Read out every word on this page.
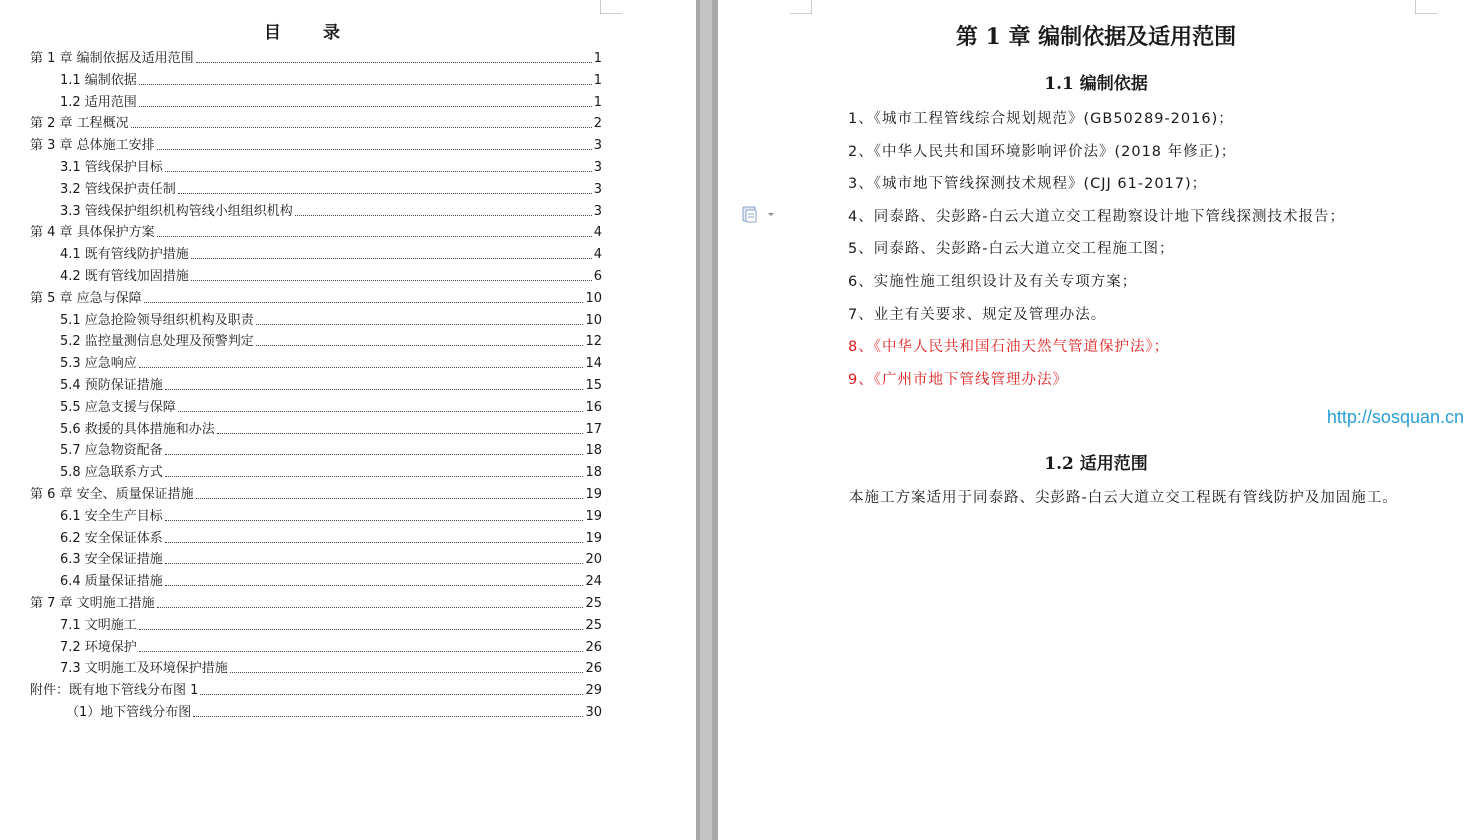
目 录
第 1 章 编制依据及适用范围	1
1.1 编制依据	1
1.2 适用范围	1
第 2 章 工程概况	2
第 3 章 总体施工安排	3
3.1 管线保护目标	3
3.2 管线保护责任制	3
3.3 管线保护组织机构管线小组组织机构	3
第 4 章 具体保护方案	4
4.1 既有管线防护措施	4
4.2 既有管线加固措施	6
第 5 章 应急与保障	10
5.1 应急抢险领导组织机构及职责	10
5.2 监控量测信息处理及预警判定	12
5.3 应急响应	14
5.4 预防保证措施	15
5.5 应急支援与保障	16
5.6 救援的具体措施和办法	17
5.7 应急物资配备	18
5.8 应急联系方式	18
第 6 章 安全、质量保证措施	19
6.1 安全生产目标	19
6.2 安全保证体系	19
6.3 安全保证措施	20
6.4 质量保证措施	24
第 7 章 文明施工措施	25
7.1 文明施工	25
7.2 环境保护	26
7.3 文明施工及环境保护措施	26
附件：既有地下管线分布图 1	29
（1）地下管线分布图	30
第 1 章 编制依据及适用范围
1.1 编制依据
1、《城市工程管线综合规划规范》(GB50289-2016)；
2、《中华人民共和国环境影响评价法》(2018 年修正)；
3、《城市地下管线探测技术规程》(CJJ 61-2017)；
4、同泰路、尖彭路-白云大道立交工程勘察设计地下管线探测技术报告；
5、同泰路、尖彭路-白云大道立交工程施工图；
6、实施性施工组织设计及有关专项方案；
7、业主有关要求、规定及管理办法。
8、《中华人民共和国石油天然气管道保护法》；
9、《广州市地下管线管理办法》
http://sosquan.cn
1.2 适用范围
本施工方案适用于同泰路、尖彭路-白云大道立交工程既有管线防护及加固施工。
